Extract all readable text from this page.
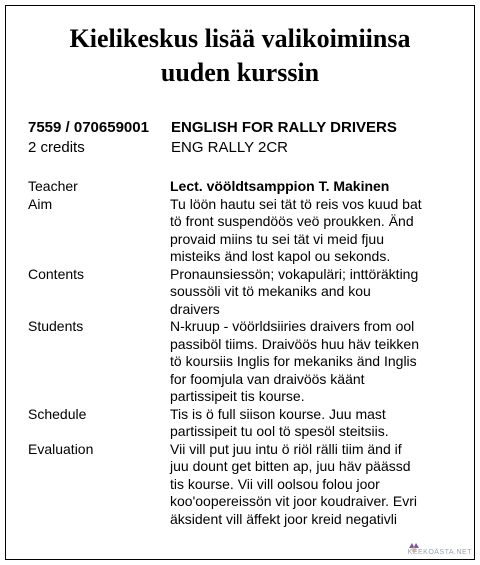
Kielikeskus lisää valikoimiinsa
uuden kurssin
7559 / 070659001	ENGLISH FOR RALLY DRIVERS
2 credits	ENG RALLY 2CR
Teacher	Lect. vööldtsamppion T. Makinen
Aim	Tu löön hautu sei tät tö reis vos kuud bat
tö front suspendöös veö proukken. Änd
provaid miins tu sei tät vi meid fjuu
misteiks änd lost kapol ou sekonds.
Contents	Pronaunsiessön; vokapuläri; inttöräkting
soussöli vit tö mekaniks and kou
draivers
Students	N-kruup - vöörldsiiries draivers from ool
passiböl tiims. Draivöös huu häv teikken
tö koursiis Inglis for mekaniks änd Inglis
for foomjula van draivöös käänt
partissipeit tis kourse.
Schedule	Tis is ö full siison kourse. Juu mast
partissipeit tu ool tö spesöl steitsiis.
Evaluation	Vii vill put juu intu ö riöl rälli tiim änd if
juu dount get bitten ap, juu häv päässd
tis kourse. Vii vill oolsou folou joor
koo'oopereissön vit joor koudraiver. Evri
äksident vill äffekt joor kreid negativli
KEEKOÄSTA.NET
